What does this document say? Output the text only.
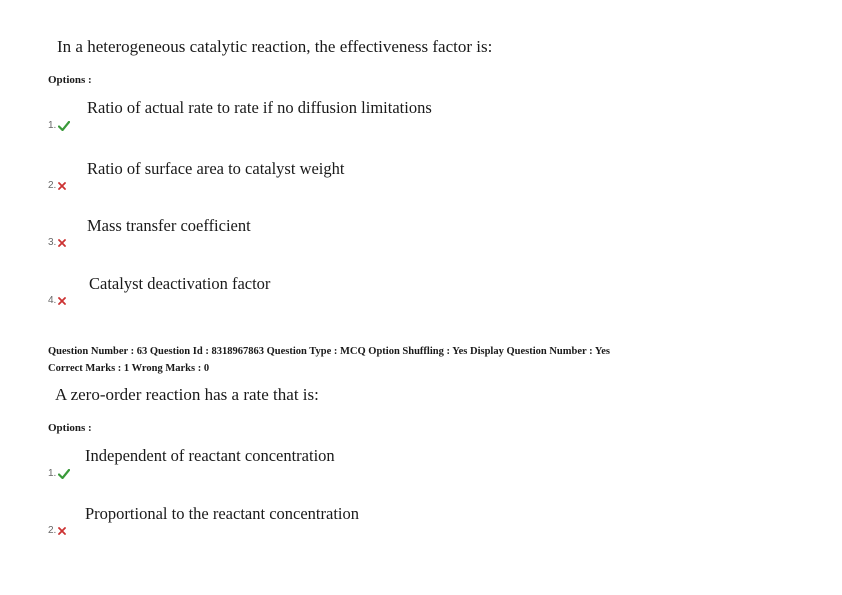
In a heterogeneous catalytic reaction, the effectiveness factor is:
Options :
Ratio of actual rate to rate if no diffusion limitations
1.
Ratio of surface area to catalyst weight
2.
Mass transfer coefficient
3.
Catalyst deactivation factor
4.
Question Number : 63 Question Id : 8318967863 Question Type : MCQ Option Shuffling : Yes Display Question Number : Yes
Correct Marks : 1 Wrong Marks : 0
A zero-order reaction has a rate that is:
Options :
Independent of reactant concentration
1.
Proportional to the reactant concentration
2.
